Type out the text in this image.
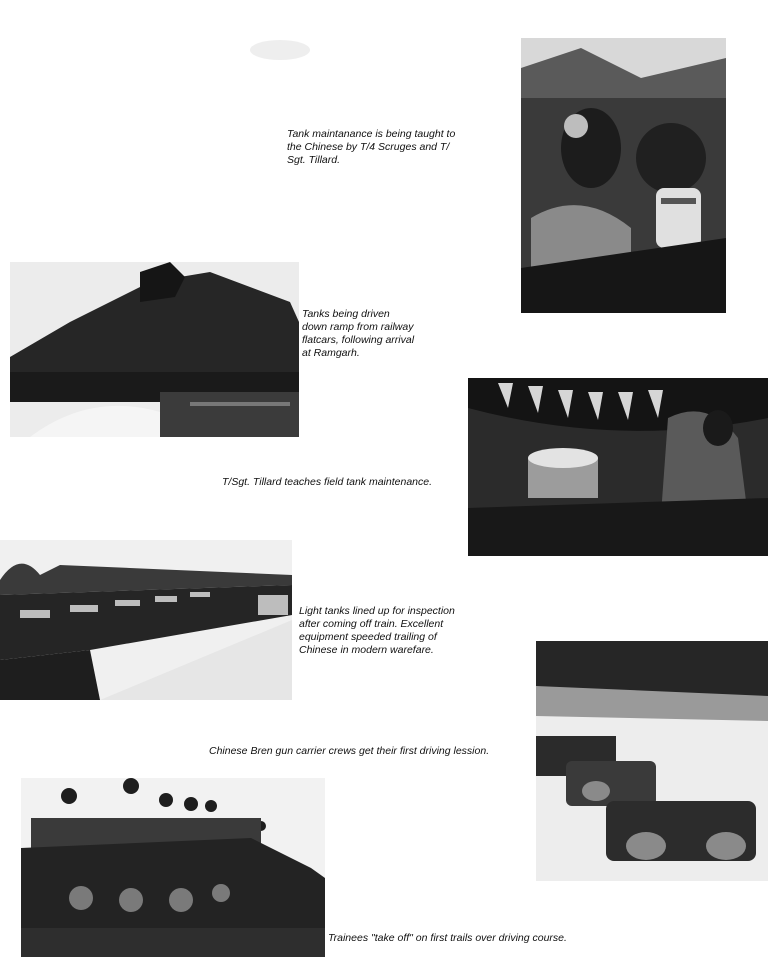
Tank maintanance is being taught to
the Chinese by T/4 Scruges and T/
Sgt. Tillard.

Tanks being driven
down ramp from railway
flatcars, following arrival
at Ramgarh.

T/Sgt. Tillard teaches field tank maintenance.

Light tanks lined up for inspection
after coming off train. Excellent
equipment speeded trailing of
Chinese in modern warefare.

Chinese Bren gun carrier crews get their first driving lession.

Trainees "take off" on first trails over driving course.
